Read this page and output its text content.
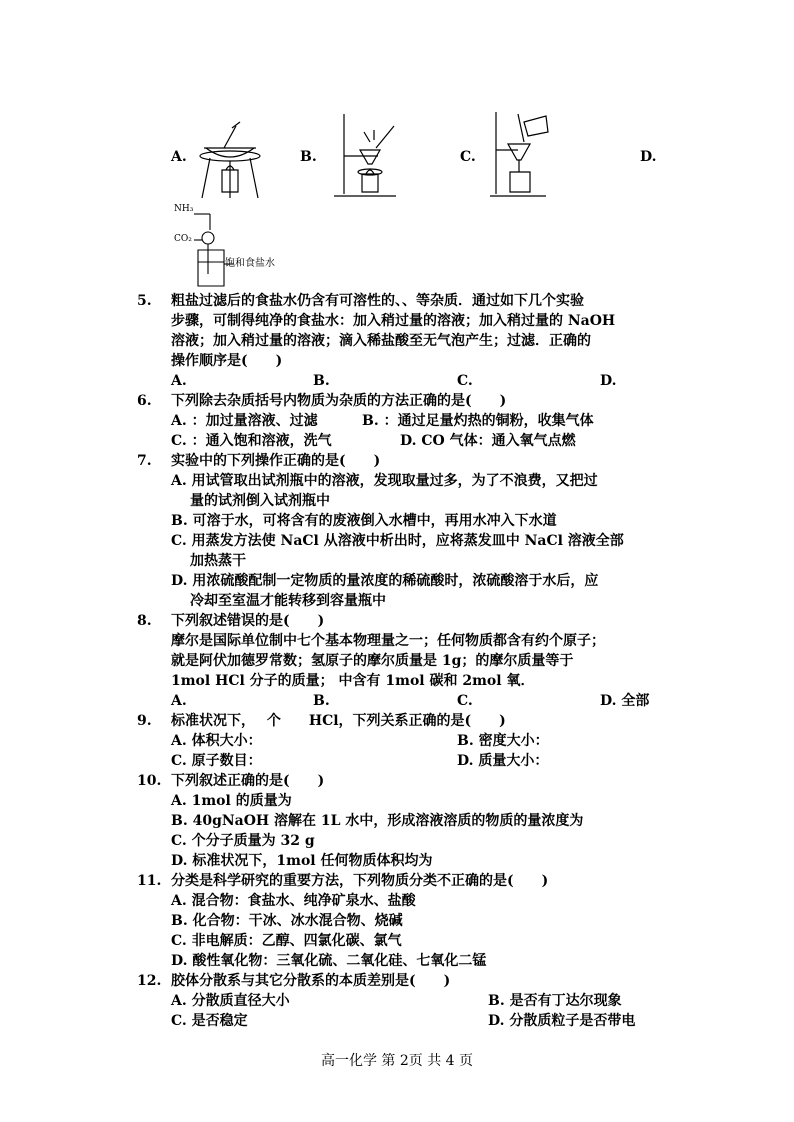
A.	B.	C.	D.
NH₃
CO₂
饱和食盐水
5. 粗盐过滤后的食盐水仍含有可溶性的、、等杂质．通过如下几个实验
步骤，可制得纯净的食盐水：加入稍过量的溶液；加入稍过量的 NaOH
溶液；加入稍过量的溶液；滴入稀盐酸至无气泡产生；过滤．正确的
操作顺序是(　　)
A.	B.	C.	D.
6. 下列除去杂质括号内物质为杂质的方法正确的是(　　)
A. ：加过量溶液、过滤	B. ：通过足量灼热的铜粉，收集气体
C. ：通入饱和溶液，洗气	D. CO 气体：通入氧气点燃
7. 实验中的下列操作正确的是(　　)
A. 用试管取出试剂瓶中的溶液，发现取量过多，为了不浪费，又把过
量的试剂倒入试剂瓶中
B. 可溶于水，可将含有的废液倒入水槽中，再用水冲入下水道
C. 用蒸发方法使 NaCl 从溶液中析出时，应将蒸发皿中 NaCl 溶液全部
加热蒸干
D. 用浓硫酸配制一定物质的量浓度的稀硫酸时，浓硫酸溶于水后，应
冷却至室温才能转移到容量瓶中
8. 下列叙述错误的是(　　)
摩尔是国际单位制中七个基本物理量之一；任何物质都含有约个原子；
就是阿伏加德罗常数；氢原子的摩尔质量是 1g；的摩尔质量等于
1mol HCl 分子的质量； 中含有 1mol 碳和 2mol 氧．
A.	B.	C.	D. 全部
9. 标准状况下，　 个　　HCl，下列关系正确的是(　　)
A. 体积大小：	B. 密度大小：
C. 原子数目：	D. 质量大小：
10. 下列叙述正确的是(　　)
A. 1mol 的质量为
B. 40gNaOH 溶解在 1L 水中，形成溶液溶质的物质的量浓度为
C. 个分子质量为 32 g
D. 标准状况下，1mol 任何物质体积均为
11. 分类是科学研究的重要方法，下列物质分类不正确的是(　　)
A. 混合物：食盐水、纯净矿泉水、盐酸
B. 化合物：干冰、冰水混合物、烧碱
C. 非电解质：乙醇、四氯化碳、氯气
D. 酸性氧化物：三氧化硫、二氧化硅、七氧化二锰
12. 胶体分散系与其它分散系的本质差别是(　　)
A. 分散质直径大小	B. 是否有丁达尔现象
C. 是否稳定	D. 分散质粒子是否带电
高一化学 第 2页 共 4 页
